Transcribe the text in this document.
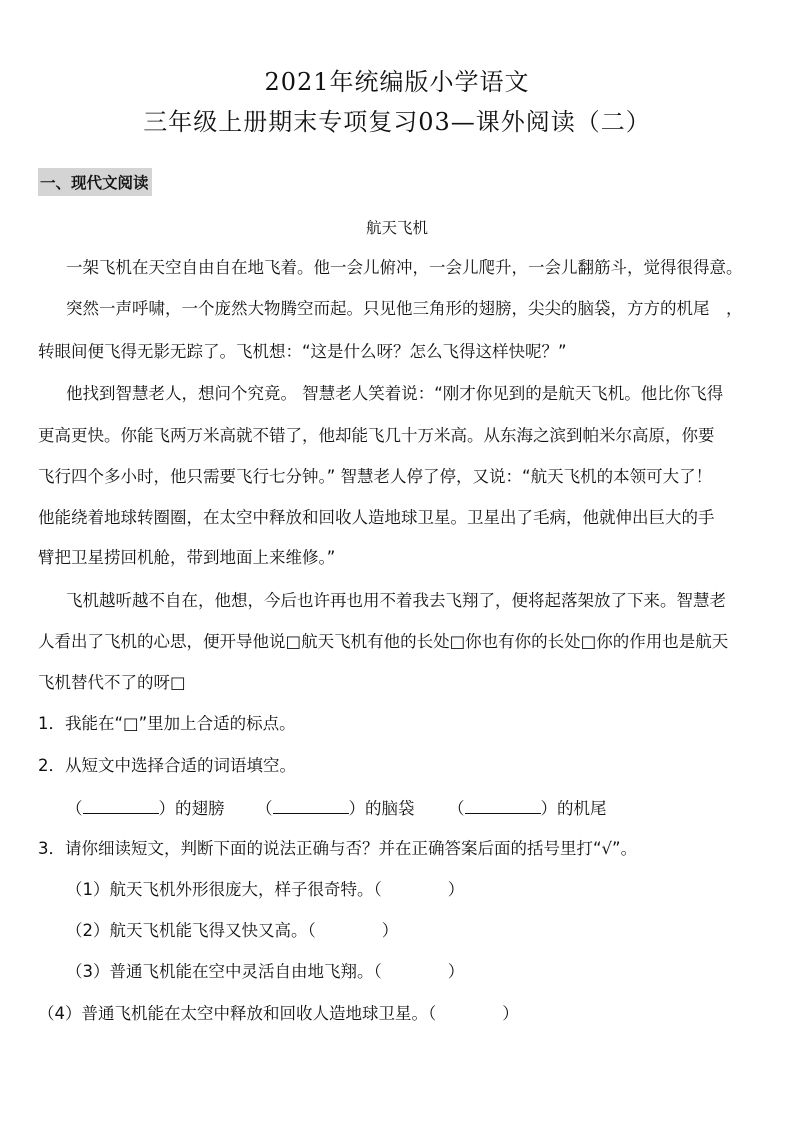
2021年统编版小学语文
三年级上册期末专项复习03—课外阅读（二）
一、现代文阅读
航天飞机
一架飞机在天空自由自在地飞着。他一会儿俯冲，一会儿爬升，一会儿翻筋斗，觉得很得意。
突然一声呼啸，一个庞然大物腾空而起。只见他三角形的翅膀，尖尖的脑袋，方方的机尾　，
转眼间便飞得无影无踪了。飞机想：“这是什么呀？怎么飞得这样快呢？”
他找到智慧老人，想问个究竟。 智慧老人笑着说：“刚才你见到的是航天飞机。他比你飞得
更高更快。你能飞两万米高就不错了，他却能飞几十万米高。从东海之滨到帕米尔高原，你要
飞行四个多小时，他只需要飞行七分钟。” 智慧老人停了停，又说：“航天飞机的本领可大了！
他能绕着地球转圈圈，在太空中释放和回收人造地球卫星。卫星出了毛病，他就伸出巨大的手
臂把卫星捞回机舱，带到地面上来维修。”
飞机越听越不自在，他想，今后也许再也用不着我去飞翔了，便将起落架放了下来。智慧老
人看出了飞机的心思，便开导他说□航天飞机有他的长处□你也有你的长处□你的作用也是航天
飞机替代不了的呀□
1．我能在“□”里加上合适的标点。
2．从短文中选择合适的词语填空。
（	）的翅膀 （	）的脑袋 （	）的机尾
3．请你细读短文，判断下面的说法正确与否？并在正确答案后面的括号里打“√”。
（1）航天飞机外形很庞大，样子很奇特。（　　　　）
（2）航天飞机能飞得又快又高。（　　　　）
（3）普通飞机能在空中灵活自由地飞翔。（　　　　）
（4）普通飞机能在太空中释放和回收人造地球卫星。（　　　　）
